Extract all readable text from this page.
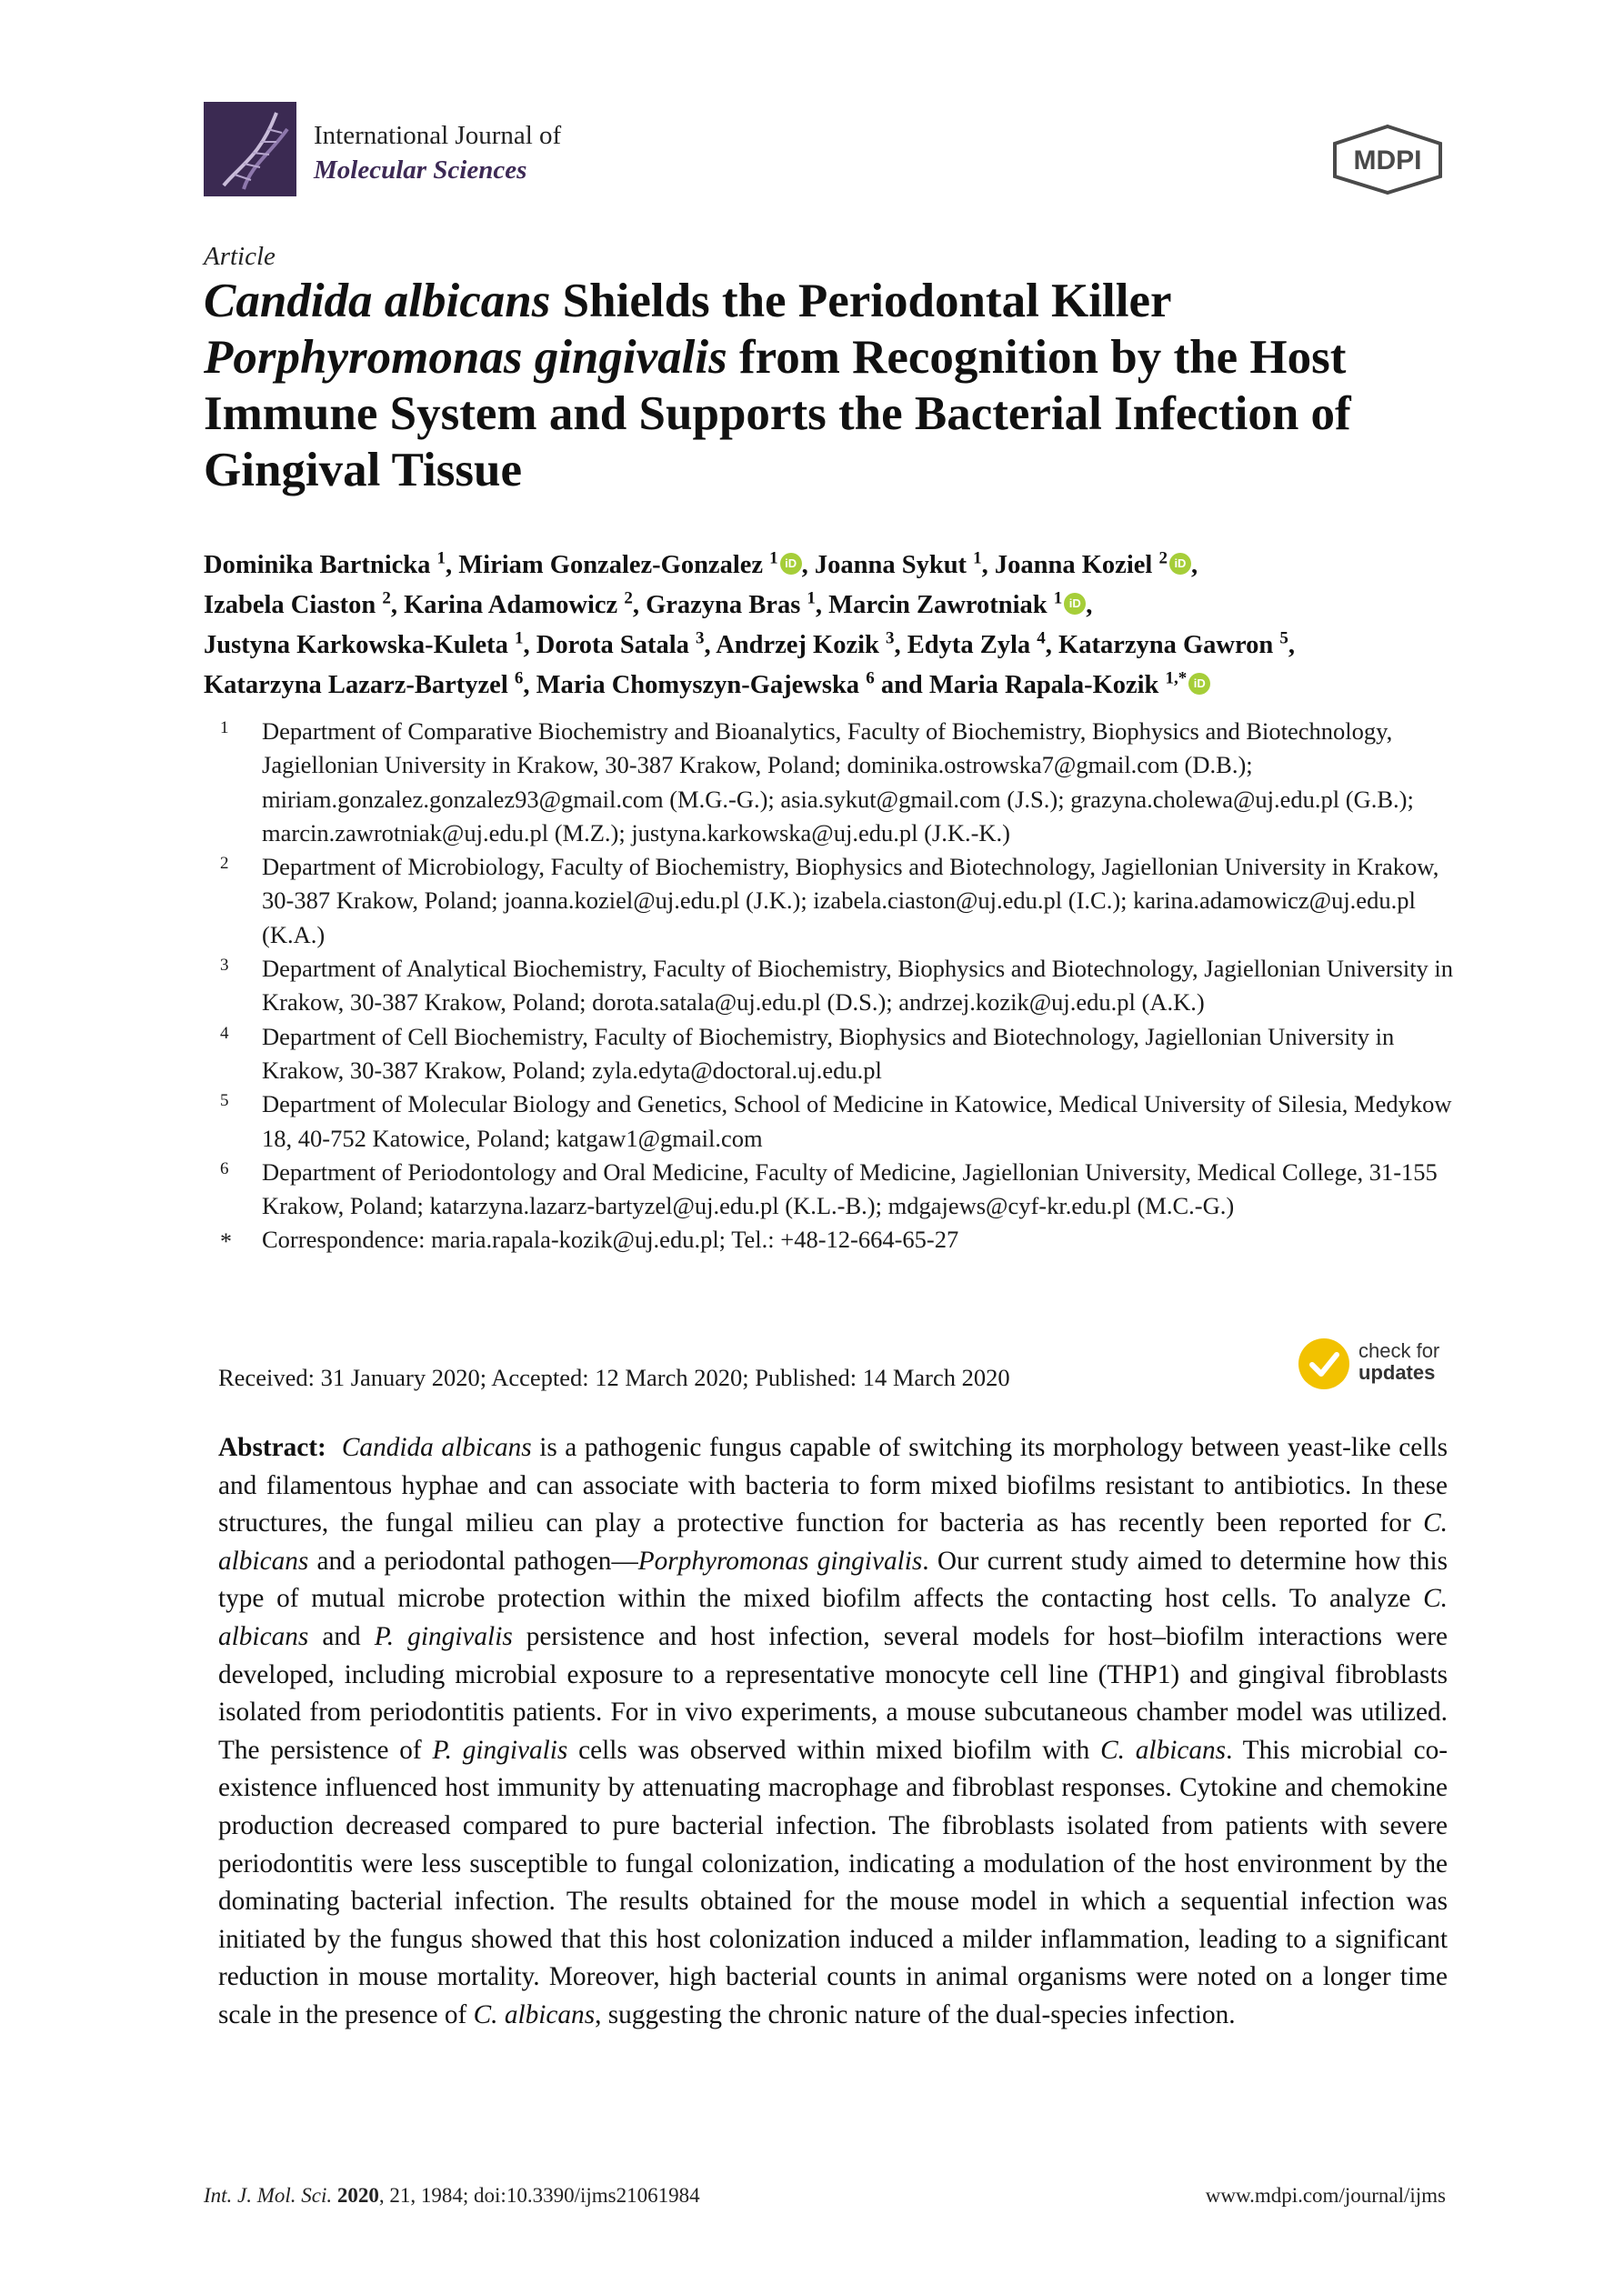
International Journal of
Molecular Sciences	MDPI
Article
Candida albicans Shields the Periodontal Killer Porphyromonas gingivalis from Recognition by the Host Immune System and Supports the Bacterial Infection of Gingival Tissue
Dominika Bartnicka $^1$, Miriam Gonzalez-Gonzalez $^1$ iD , Joanna Sykut $^1$, Joanna Koziel $^2$ iD ,
Izabela Ciaston $^2$, Karina Adamowicz $^2$, Grazyna Bras $^1$, Marcin Zawrotniak $^1$ iD ,
Justyna Karkowska-Kuleta $^1$, Dorota Satala $^3$, Andrzej Kozik $^3$, Edyta Zyla $^4$, Katarzyna Gawron $^5$,
Katarzyna Lazarz-Bartyzel $^6$, Maria Chomyszyn-Gajewska $^6$ and Maria Rapala-Kozik $^{1,*}$ iD
1 Department of Comparative Biochemistry and Bioanalytics, Faculty of Biochemistry, Biophysics and Biotechnology, Jagiellonian University in Krakow, 30-387 Krakow, Poland; dominika.ostrowska7@gmail.com (D.B.); miriam.gonzalez.gonzalez93@gmail.com (M.G.-G.); asia.sykut@gmail.com (J.S.); grazyna.cholewa@uj.edu.pl (G.B.); marcin.zawrotniak@uj.edu.pl (M.Z.); justyna.karkowska@uj.edu.pl (J.K.-K.)
2 Department of Microbiology, Faculty of Biochemistry, Biophysics and Biotechnology, Jagiellonian University in Krakow, 30-387 Krakow, Poland; joanna.koziel@uj.edu.pl (J.K.); izabela.ciaston@uj.edu.pl (I.C.); karina.adamowicz@uj.edu.pl (K.A.)
3 Department of Analytical Biochemistry, Faculty of Biochemistry, Biophysics and Biotechnology, Jagiellonian University in Krakow, 30-387 Krakow, Poland; dorota.satala@uj.edu.pl (D.S.); andrzej.kozik@uj.edu.pl (A.K.)
4 Department of Cell Biochemistry, Faculty of Biochemistry, Biophysics and Biotechnology, Jagiellonian University in Krakow, 30-387 Krakow, Poland; zyla.edyta@doctoral.uj.edu.pl
5 Department of Molecular Biology and Genetics, School of Medicine in Katowice, Medical University of Silesia, Medykow 18, 40-752 Katowice, Poland; katgaw1@gmail.com
6 Department of Periodontology and Oral Medicine, Faculty of Medicine, Jagiellonian University, Medical College, 31-155 Krakow, Poland; katarzyna.lazarz-bartyzel@uj.edu.pl (K.L.-B.); mdgajews@cyf-kr.edu.pl (M.C.-G.)
* Correspondence: maria.rapala-kozik@uj.edu.pl; Tel.: +48-12-664-65-27
Received: 31 January 2020; Accepted: 12 March 2020; Published: 14 March 2020
check for
updates
Abstract: Candida albicans is a pathogenic fungus capable of switching its morphology between yeast-like cells and filamentous hyphae and can associate with bacteria to form mixed biofilms resistant to antibiotics. In these structures, the fungal milieu can play a protective function for bacteria as has recently been reported for C. albicans and a periodontal pathogen—Porphyromonas gingivalis. Our current study aimed to determine how this type of mutual microbe protection within the mixed biofilm affects the contacting host cells. To analyze C. albicans and P. gingivalis persistence and host infection, several models for host–biofilm interactions were developed, including microbial exposure to a representative monocyte cell line (THP1) and gingival fibroblasts isolated from periodontitis patients. For in vivo experiments, a mouse subcutaneous chamber model was utilized. The persistence of P. gingivalis cells was observed within mixed biofilm with C. albicans. This microbial co-existence influenced host immunity by attenuating macrophage and fibroblast responses. Cytokine and chemokine production decreased compared to pure bacterial infection. The fibroblasts isolated from patients with severe periodontitis were less susceptible to fungal colonization, indicating a modulation of the host environment by the dominating bacterial infection. The results obtained for the mouse model in which a sequential infection was initiated by the fungus showed that this host colonization induced a milder inflammation, leading to a significant reduction in mouse mortality. Moreover, high bacterial counts in animal organisms were noted on a longer time scale in the presence of C. albicans, suggesting the chronic nature of the dual-species infection.
Int. J. Mol. Sci. 2020, 21, 1984; doi:10.3390/ijms21061984	www.mdpi.com/journal/ijms
